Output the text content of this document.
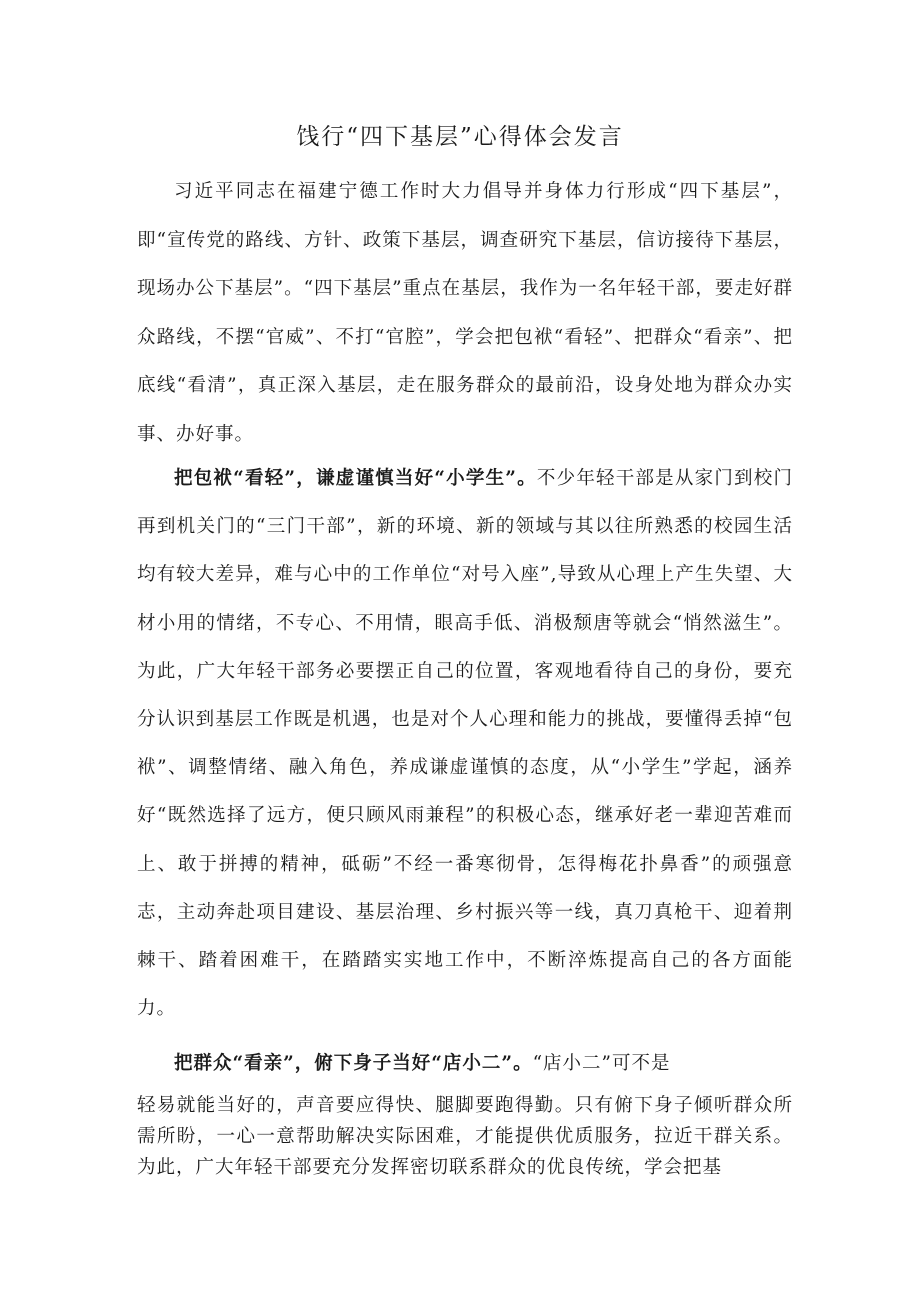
饯行“四下基层”心得体会发言

习近平同志在福建宁德工作时大力倡导并身体力行形成“四下基层”，即“宣传党的路线、方针、政策下基层，调查研究下基层，信访接待下基层，现场办公下基层”。“四下基层”重点在基层，我作为一名年轻干部，要走好群众路线，不摆“官威”、不打“官腔”，学会把包袱“看轻”、把群众“看亲”、把底线“看清”，真正深入基层，走在服务群众的最前沿，设身处地为群众办实事、办好事。

把包袱“看轻”，谦虚谨慎当好“小学生”。不少年轻干部是从家门到校门再到机关门的“三门干部”，新的环境、新的领域与其以往所熟悉的校园生活均有较大差异，难与心中的工作单位“对号入座”,导致从心理上产生失望、大材小用的情绪，不专心、不用情，眼高手低、消极颓唐等就会“悄然滋生”。为此，广大年轻干部务必要摆正自己的位置，客观地看待自己的身份，要充分认识到基层工作既是机遇，也是对个人心理和能力的挑战，要懂得丢掉“包袱”、调整情绪、融入角色，养成谦虚谨慎的态度，从“小学生”学起，涵养好“既然选择了远方，便只顾风雨兼程”的积极心态，继承好老一辈迎苦难而上、敢于拼搏的精神，砥砺”不经一番寒彻骨，怎得梅花扑鼻香”的顽强意志，主动奔赴项目建设、基层治理、乡村振兴等一线，真刀真枪干、迎着荆棘干、踏着困难干，在踏踏实实地工作中，不断淬炼提高自己的各方面能力。

把群众“看亲”，俯下身子当好“店小二”。“店小二”可不是

轻易就能当好的，声音要应得快、腿脚要跑得勤。只有俯下身子倾听群众所需所盼，一心一意帮助解决实际困难，才能提供优质服务，拉近干群关系。为此，广大年轻干部要充分发挥密切联系群众的优良传统，学会把基
